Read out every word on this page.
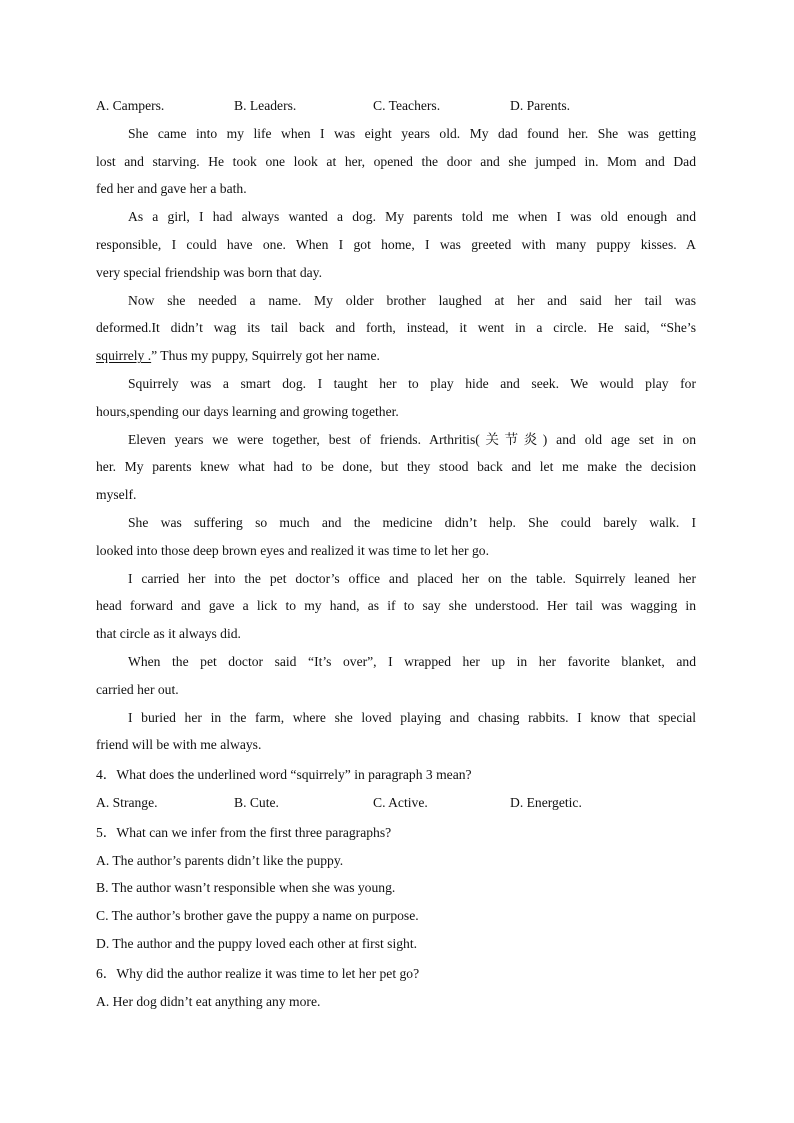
A. Campers.	B. Leaders.	C. Teachers.	D. Parents.
She came into my life when I was eight years old. My dad found her. She was getting
lost and starving. He took one look at her, opened the door and she jumped in. Mom and Dad
fed her and gave her a bath.
As a girl, I had always wanted a dog. My parents told me when I was old enough and
responsible, I could have one. When I got home, I was greeted with many puppy kisses. A
very special friendship was born that day.
Now she needed a name. My older brother laughed at her and said her tail was
deformed.It didn’t wag its tail back and forth, instead, it went in a circle. He said, “She’s
squirrely .” Thus my puppy, Squirrely got her name.
Squirrely was a smart dog. I taught her to play hide and seek. We would play for
hours,spending our days learning and growing together.
Eleven years we were together, best of friends. Arthritis(关节炎) and old age set in on
her. My parents knew what had to be done, but they stood back and let me make the decision
myself.
She was suffering so much and the medicine didn’t help. She could barely walk. I
looked into those deep brown eyes and realized it was time to let her go.
I carried her into the pet doctor’s office and placed her on the table. Squirrely leaned her
head forward and gave a lick to my hand, as if to say she understood. Her tail was wagging in
that circle as it always did.
When the pet doctor said “It’s over”, I wrapped her up in her favorite blanket, and
carried her out.
I buried her in the farm, where she loved playing and chasing rabbits. I know that special
friend will be with me always.
4．What does the underlined word “squirrely” in paragraph 3 mean?
A. Strange.	B. Cute.	C. Active.	D. Energetic.
5．What can we infer from the first three paragraphs?
A. The author’s parents didn’t like the puppy.
B. The author wasn’t responsible when she was young.
C. The author’s brother gave the puppy a name on purpose.
D. The author and the puppy loved each other at first sight.
6．Why did the author realize it was time to let her pet go?
A. Her dog didn’t eat anything any more.
